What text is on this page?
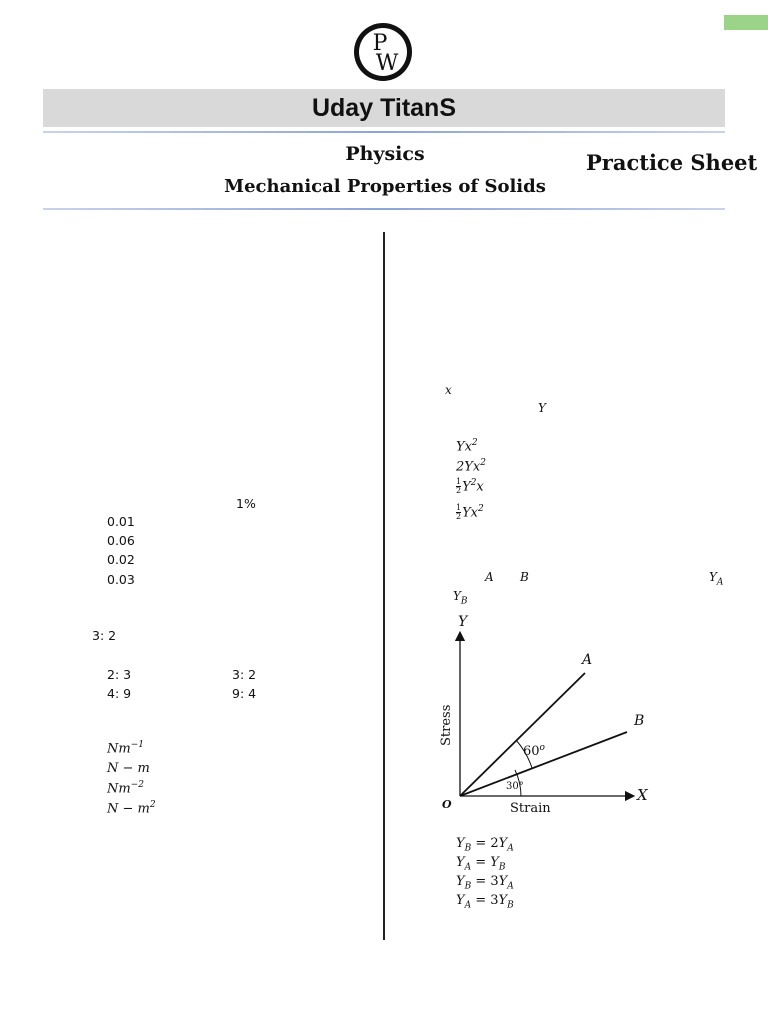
P
W
Uday TitanS
Physics
Mechanical Properties of Solids
Practice Sheet
1%
0.01
0.06
0.02
0.03
3: 2
2: 3	3: 2
4: 9	9: 4
$Nm^{-1}$
N − m
$Nm^{-2}$
$N - m^2$
x
Y
Yx$^2$
2Yx$^2$
$\frac{1}{2} Y^2x$
$\frac{1}{2} Yx^2$
A B	$Y_A$
$Y_B$
Y
X
O	Strain
Stress
A
B
60$^o$
30°
$Y_B = 2Y_A$
$Y_A = Y_B$
$Y_B = 3Y_A$
$Y_A = 3Y_B$
